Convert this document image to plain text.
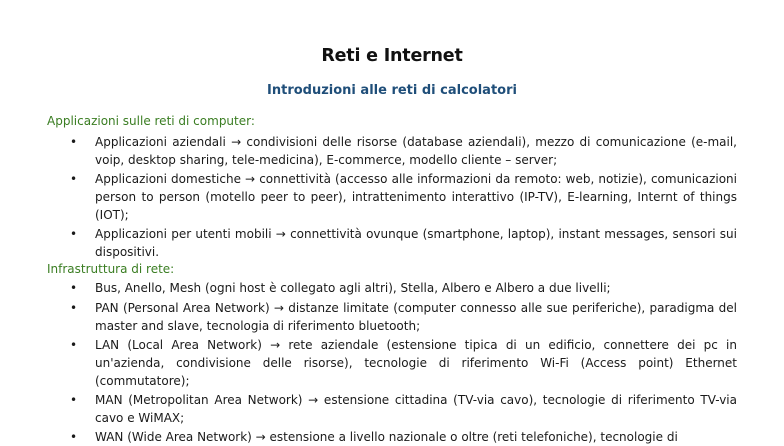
Reti e Internet
Introduzioni alle reti di calcolatori
Applicazioni sulle reti di computer:
• Applicazioni aziendali → condivisioni delle risorse (database aziendali), mezzo di comunicazione (e-mail, voip, desktop sharing, tele-medicina), E-commerce, modello cliente – server;
• Applicazioni domestiche → connettività (accesso alle informazioni da remoto: web, notizie), comunicazioni person to person (motello peer to peer), intrattenimento interattivo (IP-TV), E-learning, Internt of things (IOT);
• Applicazioni per utenti mobili → connettività ovunque (smartphone, laptop), instant messages, sensori sui dispositivi.
Infrastruttura di rete:
• Bus, Anello, Mesh (ogni host è collegato agli altri), Stella, Albero e Albero a due livelli;
• PAN (Personal Area Network) → distanze limitate (computer connesso alle sue periferiche), paradigma del master and slave, tecnologia di riferimento bluetooth;
• LAN (Local Area Network) → rete aziendale (estensione tipica di un edificio, connettere dei pc in un'azienda, condivisione delle risorse), tecnologie di riferimento Wi-Fi (Access point) Ethernet (commutatore);
• MAN (Metropolitan Area Network) → estensione cittadina (TV-via cavo), tecnologie di riferimento TV-via cavo e WiMAX;
• WAN (Wide Area Network) → estensione a livello nazionale o oltre (reti telefoniche), tecnologie di
